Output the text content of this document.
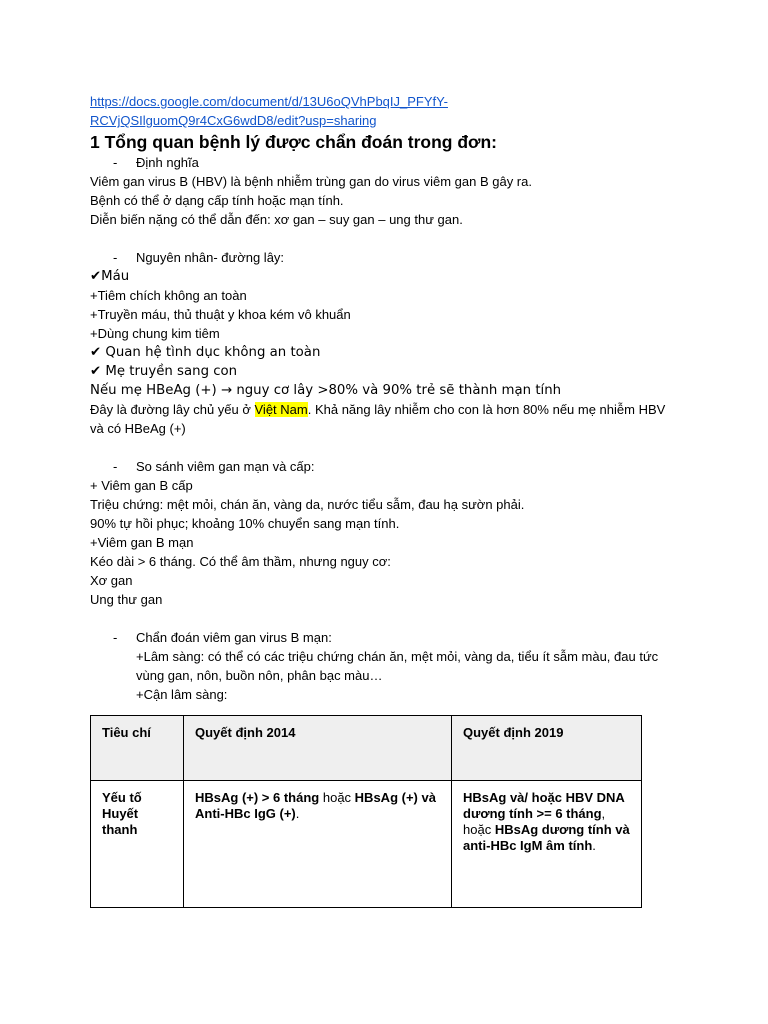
https://docs.google.com/document/d/13U6oQVhPbqIJ_PFYfY-
RCVjQSIlguomQ9r4CxG6wdD8/edit?usp=sharing
1 Tổng quan bệnh lý được chẩn đoán trong đơn:
- Định nghĩa
Viêm gan virus B (HBV) là bệnh nhiễm trùng gan do virus viêm gan B gây ra.
Bệnh có thể ở dạng cấp tính hoặc mạn tính.
Diễn biến nặng có thể dẫn đến: xơ gan – suy gan – ung thư gan.
- Nguyên nhân- đường lây:
✔Máu
+Tiêm chích không an toàn
+Truyền máu, thủ thuật y khoa kém vô khuẩn
+Dùng chung kim tiêm
✔ Quan hệ tình dục không an toàn
✔ Mẹ truyền sang con
Nếu mẹ HBeAg (+) → nguy cơ lây >80% và 90% trẻ sẽ thành mạn tính
Đây là đường lây chủ yếu ở Việt Nam. Khả năng lây nhiễm cho con là hơn 80% nếu mẹ nhiễm HBV và có HBeAg (+)
- So sánh viêm gan mạn và cấp:
+ Viêm gan B cấp
Triệu chứng: mệt mỏi, chán ăn, vàng da, nước tiểu sẫm, đau hạ sườn phải.
90% tự hồi phục; khoảng 10% chuyển sang mạn tính.
+Viêm gan B mạn
Kéo dài > 6 tháng. Có thể âm thầm, nhưng nguy cơ:
Xơ gan
Ung thư gan
- Chẩn đoán viêm gan virus B mạn:
+Lâm sàng: có thể có các triệu chứng chán ăn, mệt mỏi, vàng da, tiểu ít sẫm màu, đau tức vùng gan, nôn, buồn nôn, phân bạc màu…
+Cận lâm sàng:
Tiêu chí	Quyết định 2014	Quyết định 2019
Yếu tố Huyết thanh	HBsAg (+) > 6 tháng hoặc HBsAg (+) và Anti-HBc IgG (+).	HBsAg và/ hoặc HBV DNA dương tính >= 6 tháng, hoặc HBsAg dương tính và anti-HBc IgM âm tính.
